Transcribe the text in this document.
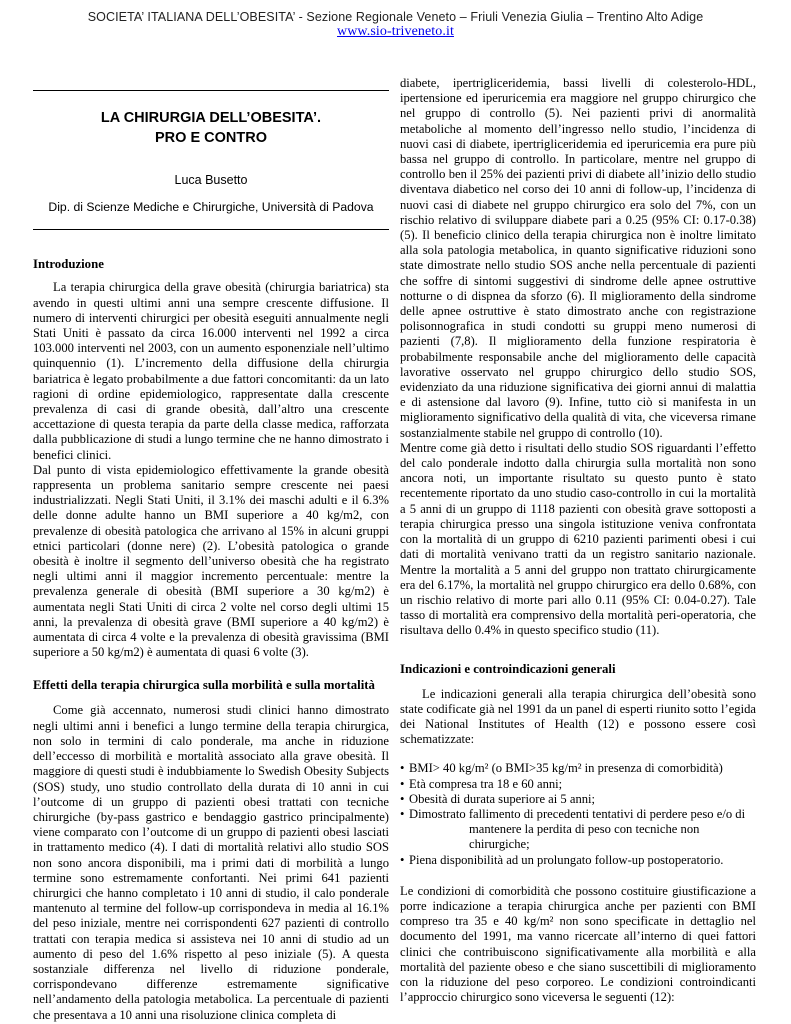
SOCIETA’ ITALIANA DELL’OBESITA’ - Sezione Regionale Veneto – Friuli Venezia Giulia – Trentino Alto Adige
www.sio-triveneto.it
LA CHIRURGIA DELL’OBESITA’.
PRO E CONTRO
Luca Busetto
Dip. di Scienze Mediche e Chirurgiche, Università di Padova
Introduzione

La terapia chirurgica della grave obesità (chirurgia bariatrica) sta avendo in questi ultimi anni una sempre crescente diffusione. Il numero di interventi chirurgici per obesità eseguiti annualmente negli Stati Uniti è passato da circa 16.000 interventi nel 1992 a circa 103.000 interventi nel 2003, con un aumento esponenziale nell’ultimo quinquennio (1). L’incremento della diffusione della chirurgia bariatrica è legato probabilmente a due fattori concomitanti: da un lato ragioni di ordine epidemiologico, rappresentate dalla crescente prevalenza di casi di grande obesità, dall’altro una crescente accettazione di questa terapia da parte della classe medica, rafforzata dalla pubblicazione di studi a lungo termine che ne hanno dimostrato i benefici clinici.

Dal punto di vista epidemiologico effettivamente la grande obesità rappresenta un problema sanitario sempre crescente nei paesi industrializzati. Negli Stati Uniti, il 3.1% dei maschi adulti e il 6.3% delle donne adulte hanno un BMI superiore a 40 kg/m2, con prevalenze di obesità patologica che arrivano al 15% in alcuni gruppi etnici particolari (donne nere) (2). L’obesità patologica o grande obesità è inoltre il segmento dell’universo obesità che ha registrato negli ultimi anni il maggior incremento percentuale: mentre la prevalenza generale di obesità (BMI superiore a 30 kg/m2) è aumentata negli Stati Uniti di circa 2 volte nel corso degli ultimi 15 anni, la prevalenza di obesità grave (BMI superiore a 40 kg/m2) è aumentata di circa 4 volte e la prevalenza di obesità gravissima (BMI superiore a 50 kg/m2) è aumentata di quasi 6 volte (3).

Effetti della terapia chirurgica sulla morbilità e sulla mortalità

Come già accennato, numerosi studi clinici hanno dimostrato negli ultimi anni i benefici a lungo termine della terapia chirurgica, non solo in termini di calo ponderale, ma anche in riduzione dell’eccesso di morbilità e mortalità associato alla grave obesità. Il maggiore di questi studi è indubbiamente lo Swedish Obesity Subjects (SOS) study, uno studio controllato della durata di 10 anni in cui l’outcome di un gruppo di pazienti obesi trattati con tecniche chirurgiche (by-pass gastrico e bendaggio gastrico principalmente) viene comparato con l’outcome di un gruppo di pazienti obesi lasciati in trattamento medico (4). I dati di mortalità relativi allo studio SOS non sono ancora disponibili, ma i primi dati di morbilità a lungo termine sono estremamente confortanti. Nei primi 641 pazienti chirurgici che hanno completato i 10 anni di studio, il calo ponderale mantenuto al termine del follow-up corrispondeva in media al 16.1% del peso iniziale, mentre nei corrispondenti 627 pazienti di controllo trattati con terapia medica si assisteva nei 10 anni di studio ad un aumento di peso del 1.6% rispetto al peso iniziale (5). A questa sostanziale differenza nel livello di riduzione ponderale, corrispondevano differenze estremamente significative nell’andamento della patologia metabolica. La percentuale di pazienti che presentava a 10 anni una risoluzione clinica completa di

diabete, ipertrigliceridemia, bassi livelli di colesterolo-HDL, ipertensione ed iperuricemia era maggiore nel gruppo chirurgico che nel gruppo di controllo (5). Nei pazienti privi di anormalità metaboliche al momento dell’ingresso nello studio, l’incidenza di nuovi casi di diabete, ipertrigliceridemia ed iperuricemia era pure più bassa nel gruppo di controllo. In particolare, mentre nel gruppo di controllo ben il 25% dei pazienti privi di diabete all’inizio dello studio diventava diabetico nel corso dei 10 anni di follow-up, l’incidenza di nuovi casi di diabete nel gruppo chirurgico era solo del 7%, con un rischio relativo di sviluppare diabete pari a 0.25 (95% CI: 0.17-0.38) (5). Il beneficio clinico della terapia chirurgica non è inoltre limitato alla sola patologia metabolica, in quanto significative riduzioni sono state dimostrate nello studio SOS anche nella percentuale di pazienti che soffre di sintomi suggestivi di sindrome delle apnee ostruttive notturne o di dispnea da sforzo (6). Il miglioramento della sindrome delle apnee ostruttive è stato dimostrato anche con registrazione polisonnografica in studi condotti su gruppi meno numerosi di pazienti (7,8). Il miglioramento della funzione respiratoria è probabilmente responsabile anche del miglioramento delle capacità lavorative osservato nel gruppo chirurgico dello studio SOS, evidenziato da una riduzione significativa dei giorni annui di malattia e di astensione dal lavoro (9). Infine, tutto ciò si manifesta in un miglioramento significativo della qualità di vita, che viceversa rimane sostanzialmente stabile nel gruppo di controllo (10).

Mentre come già detto i risultati dello studio SOS riguardanti l’effetto del calo ponderale indotto dalla chirurgia sulla mortalità non sono ancora noti, un importante risultato su questo punto è stato recentemente riportato da uno studio caso-controllo in cui la mortalità a 5 anni di un gruppo di 1118 pazienti con obesità grave sottoposti a terapia chirurgica presso una singola istituzione veniva confrontata con la mortalità di un gruppo di 6210 pazienti parimenti obesi i cui dati di mortalità venivano tratti da un registro sanitario nazionale. Mentre la mortalità a 5 anni del gruppo non trattato chirurgicamente era del 6.17%, la mortalità nel gruppo chirurgico era dello 0.68%, con un rischio relativo di morte pari allo 0.11 (95% CI: 0.04-0.27). Tale tasso di mortalità era comprensivo della mortalità peri-operatoria, che risultava dello 0.4% in questo specifico studio (11).

Indicazioni e controindicazioni generali

Le indicazioni generali alla terapia chirurgica dell’obesità sono state codificate già nel 1991 da un panel di esperti riunito sotto l’egida dei National Institutes of Health (12) e possono essere così schematizzate:

• BMI> 40 kg/m² (o BMI>35 kg/m² in presenza di comorbidità)
• Età compresa tra 18 e 60 anni;
• Obesità di durata superiore ai 5 anni;
• Dimostrato fallimento di precedenti tentativi di perdere peso e/o di
mantenere la perdita di peso con tecniche non chirurgiche;
• Piena disponibilità ad un prolungato follow-up postoperatorio.

Le condizioni di comorbidità che possono costituire giustificazione a porre indicazione a terapia chirurgica anche per pazienti con BMI compreso tra 35 e 40 kg/m² non sono specificate in dettaglio nel documento del 1991, ma vanno ricercate all’interno di quei fattori clinici che contribuiscono significativamente alla morbilità e alla mortalità del paziente obeso e che siano suscettibili di miglioramento con la riduzione del peso corporeo. Le condizioni controindicanti l’approccio chirurgico sono viceversa le seguenti (12):
